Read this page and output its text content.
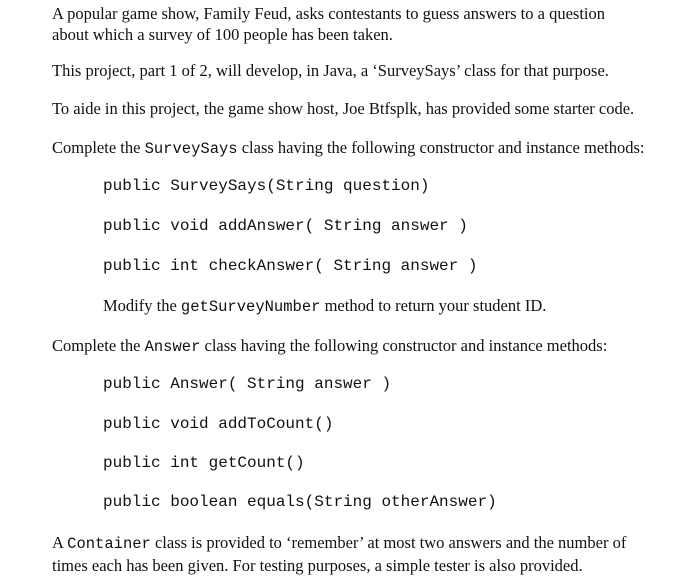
A popular game show, Family Feud, asks contestants to guess answers to a question
about which a survey of 100 people has been taken.

This project, part 1 of 2, will develop, in Java, a ‘SurveySays’ class for that purpose.

To aide in this project, the game show host, Joe Btfsplk, has provided some starter code.

Complete the SurveySays class having the following constructor and instance methods:

public SurveySays(String question)

public void addAnswer( String answer )

public int checkAnswer( String answer )

Modify the getSurveyNumber method to return your student ID.

Complete the Answer class having the following constructor and instance methods:

public Answer( String answer )

public void addToCount()

public int getCount()

public boolean equals(String otherAnswer)

A Container class is provided to ‘remember’ at most two answers and the number of
times each has been given. For testing purposes, a simple tester is also provided.
